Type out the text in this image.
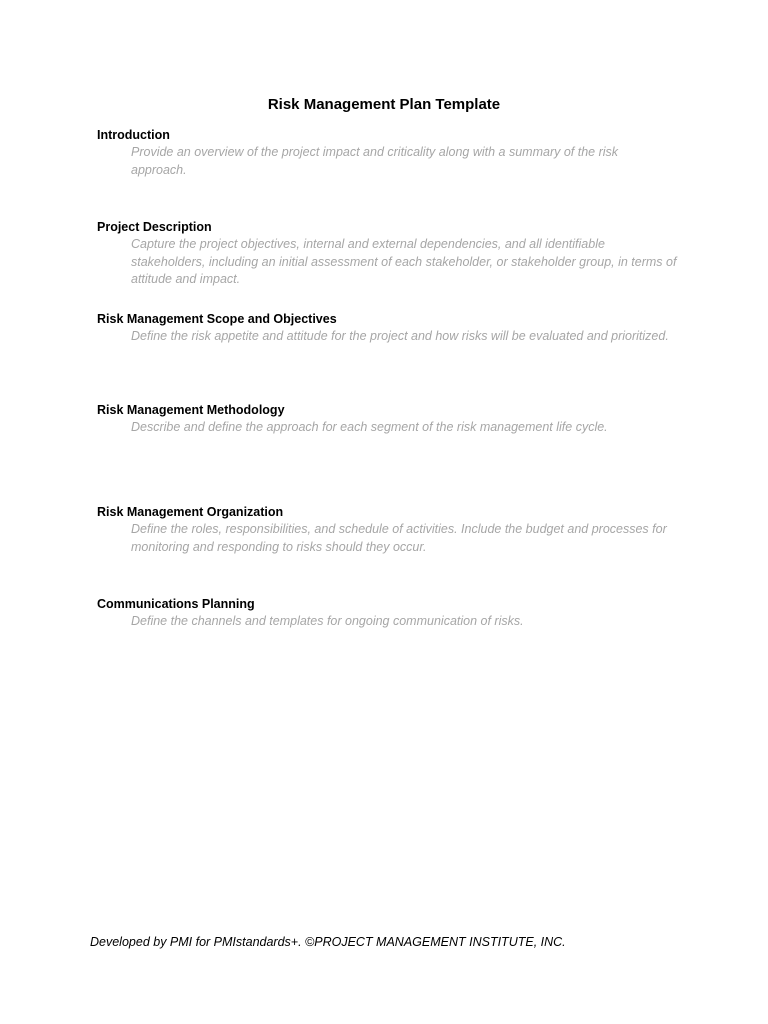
Risk Management Plan Template

Introduction

Provide an overview of the project impact and criticality along with a summary of the risk approach.

Project Description

Capture the project objectives, internal and external dependencies, and all identifiable stakeholders, including an initial assessment of each stakeholder, or stakeholder group, in terms of attitude and impact.

Risk Management Scope and Objectives

Define the risk appetite and attitude for the project and how risks will be evaluated and prioritized.

Risk Management Methodology

Describe and define the approach for each segment of the risk management life cycle.

Risk Management Organization

Define the roles, responsibilities, and schedule of activities. Include the budget and processes for monitoring and responding to risks should they occur.

Communications Planning

Define the channels and templates for ongoing communication of risks.

Developed by PMI for PMIstandards+. ©PROJECT MANAGEMENT INSTITUTE, INC.
